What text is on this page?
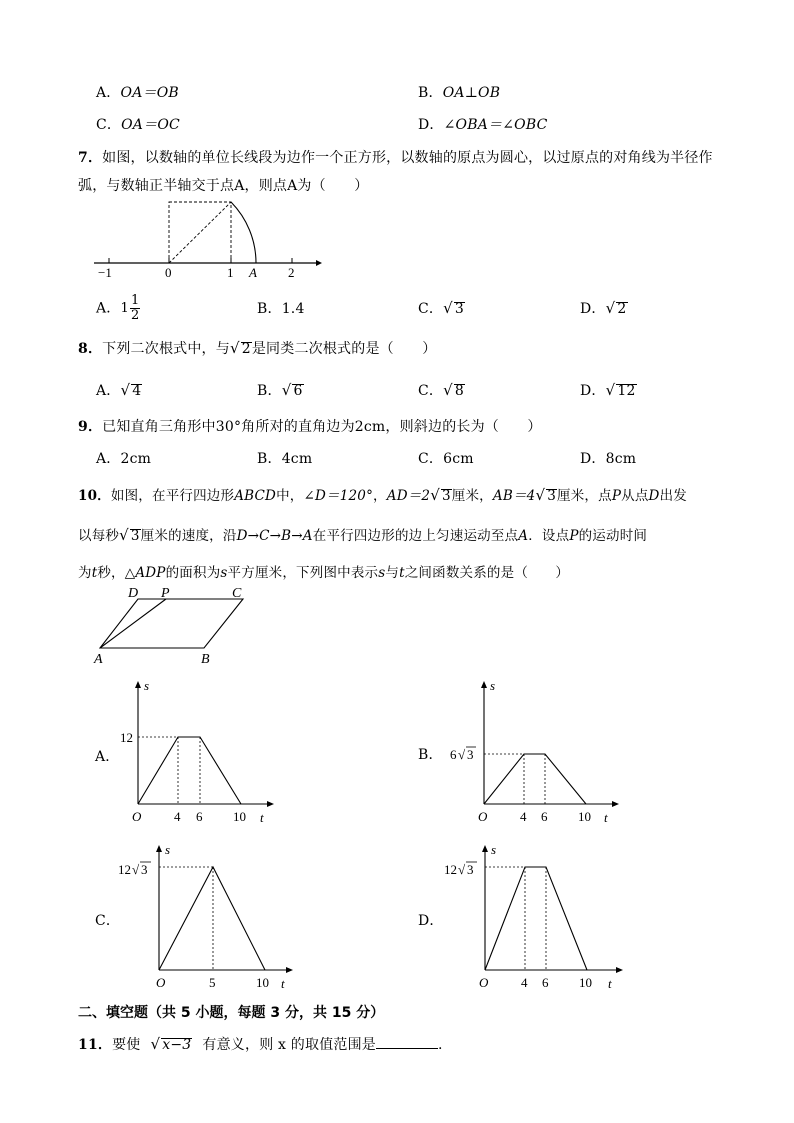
A．OA＝OB	B．OA⊥OB
C．OA＝OC	D．∠OBA＝∠OBC
7．如图，以数轴的单位长线段为边作一个正方形，以数轴的原点为圆心，以过原点的对角线为半径作
弧，与数轴正半轴交于点A，则点A为（　　）
−1	0	1 A 2
A．$1 \frac{1}{2}$	B．1.4	C．√ 3	D．√ 2
8．下列二次根式中，与√ 2是同类二次根式的是（　　）
A．√ 4	B．√ 6	C．√ 8	D．√ 12
9．已知直角三角形中30°角所对的直角边为2cm，则斜边的长为（　　）
A．2cm	B．4cm	C．6cm	D．8cm
10．如图，在平行四边形ABCD中，∠D＝120°，AD＝2√ 3厘米，AB＝4√ 3厘米，点P从点D出发
以每秒√ 3厘米的速度，沿D→C→B→A在平行四边形的边上匀速运动至点A．设点P的运动时间
为t秒，△ADP的面积为s平方厘米，下列图中表示s与t之间函数关系的是（　　）
D P	C
A	B
A．
s
t
O
12
4 6 10
B．
s
t
O
6 √ 3
4 6 10
C．
s
t
O
12 √ 3
5	10
D．
s
t
O
12 √ 3
4 6 10
二、填空题（共 5 小题，每题 3 分，共 15 分）
11．要使 √ x−3 有意义，则 x 的取值范围是	.
